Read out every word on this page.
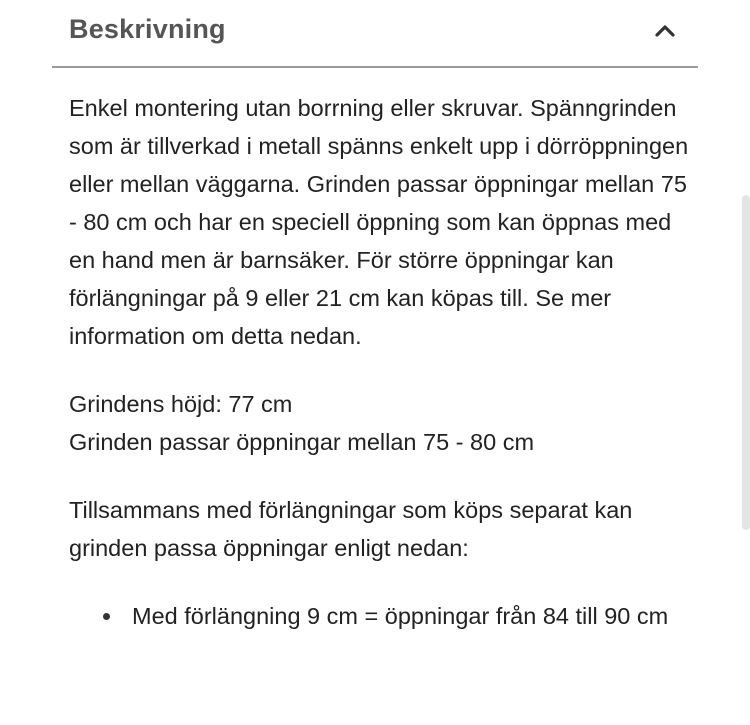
Beskrivning

Enkel montering utan borrning eller skruvar. Spänngrinden som är tillverkad i metall spänns enkelt upp i dörröppningen eller mellan väggarna. Grinden passar öppningar mellan 75 - 80 cm och har en speciell öppning som kan öppnas med en hand men är barnsäker. För större öppningar kan förlängningar på 9 eller 21 cm kan köpas till. Se mer information om detta nedan.

Grindens höjd: 77 cm
Grinden passar öppningar mellan 75 - 80 cm

Tillsammans med förlängningar som köps separat kan grinden passa öppningar enligt nedan:

Med förlängning 9 cm = öppningar från 84 till 90 cm
